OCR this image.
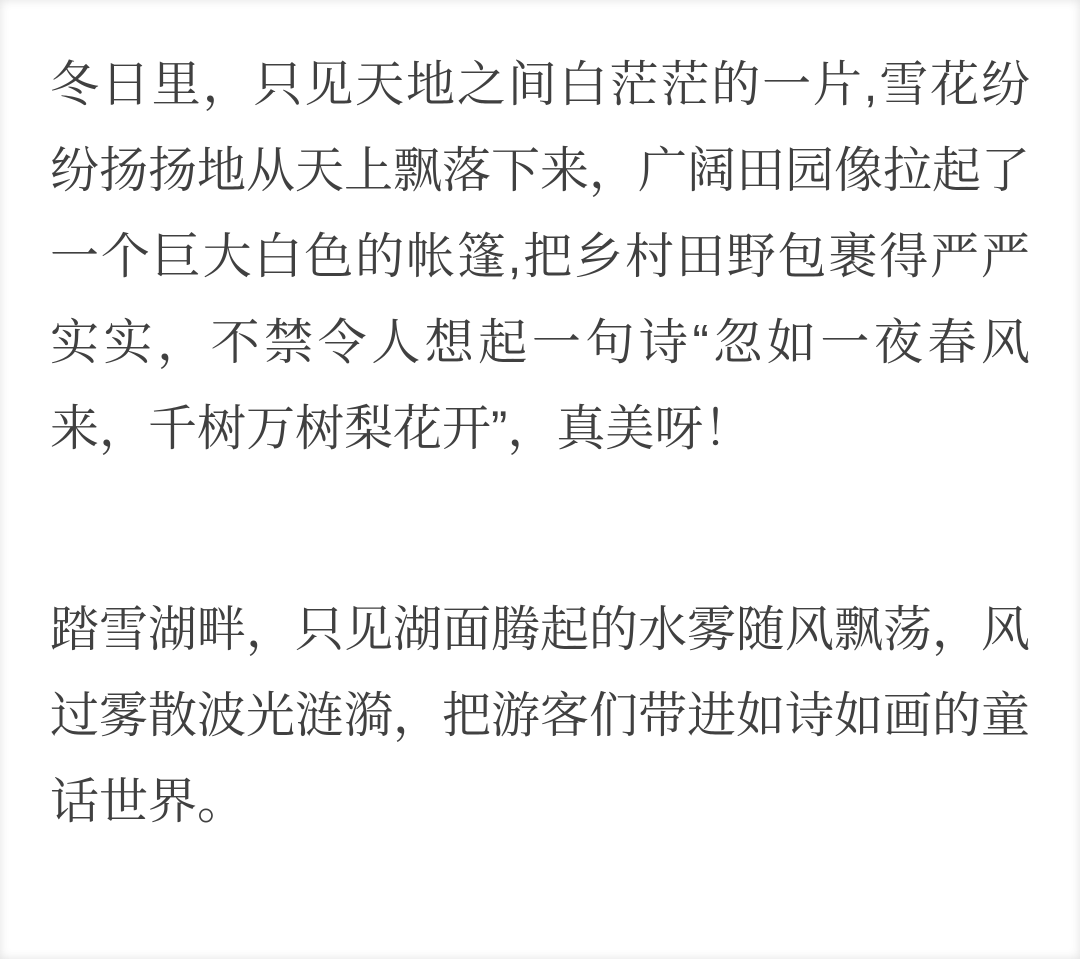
冬日里，只见天地之间白茫茫的一片,雪花纷
纷扬扬地从天上飘落下来，广阔田园像拉起了
一个巨大白色的帐篷,把乡村田野包裹得严严
实实，不禁令人想起一句诗“忽如一夜春风
来，千树万树梨花开”，真美呀！
踏雪湖畔，只见湖面腾起的水雾随风飘荡，风
过雾散波光涟漪，把游客们带进如诗如画的童
话世界。
